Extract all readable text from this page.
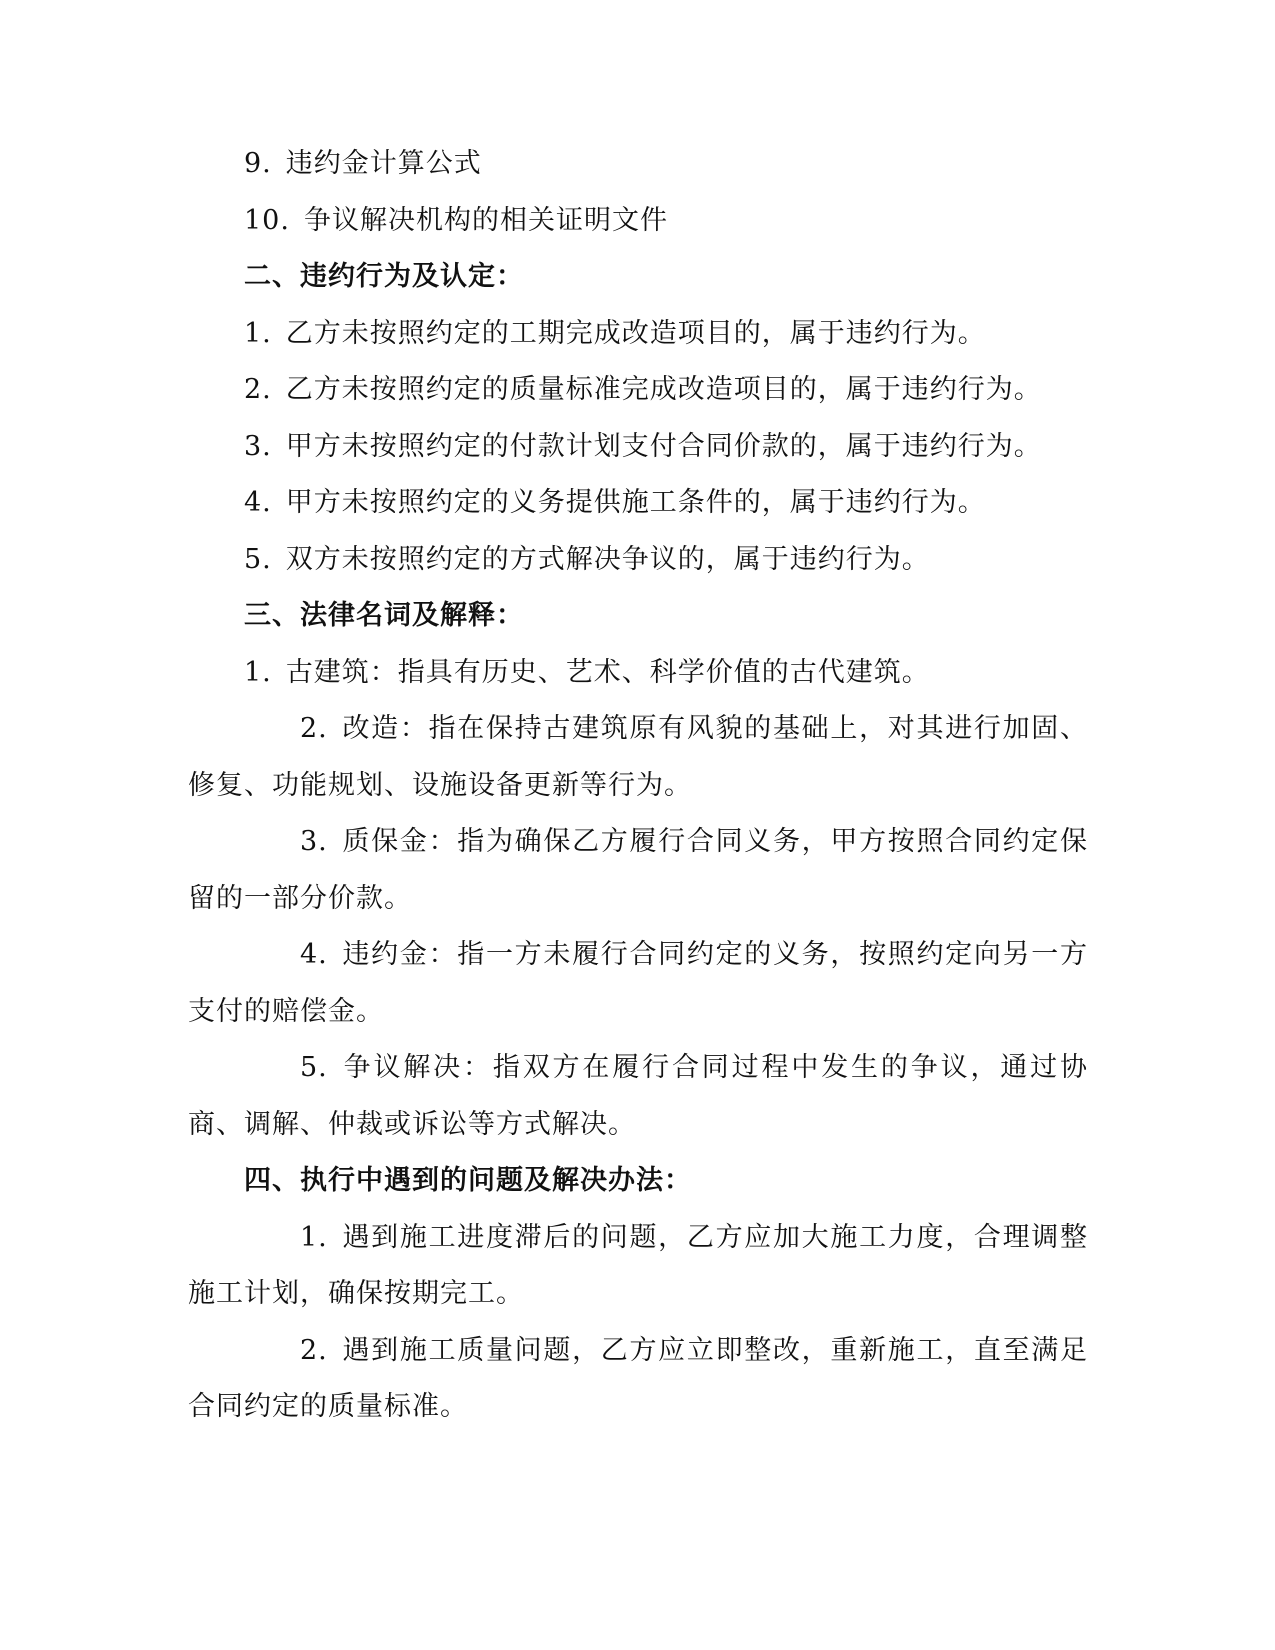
9. 违约金计算公式
10. 争议解决机构的相关证明文件
二、违约行为及认定：
1. 乙方未按照约定的工期完成改造项目的，属于违约行为。
2. 乙方未按照约定的质量标准完成改造项目的，属于违约行为。
3. 甲方未按照约定的付款计划支付合同价款的，属于违约行为。
4. 甲方未按照约定的义务提供施工条件的，属于违约行为。
5. 双方未按照约定的方式解决争议的，属于违约行为。
三、法律名词及解释：
1. 古建筑：指具有历史、艺术、科学价值的古代建筑。

2. 改造：指在保持古建筑原有风貌的基础上，对其进行加固、修复、功能规划、设施设备更新等行为。

3. 质保金：指为确保乙方履行合同义务，甲方按照合同约定保留的一部分价款。

4. 违约金：指一方未履行合同约定的义务，按照约定向另一方支付的赔偿金。

5. 争议解决：指双方在履行合同过程中发生的争议，通过协商、调解、仲裁或诉讼等方式解决。

四、执行中遇到的问题及解决办法：

1. 遇到施工进度滞后的问题，乙方应加大施工力度，合理调整施工计划，确保按期完工。

2. 遇到施工质量问题，乙方应立即整改，重新施工，直至满足合同约定的质量标准。
